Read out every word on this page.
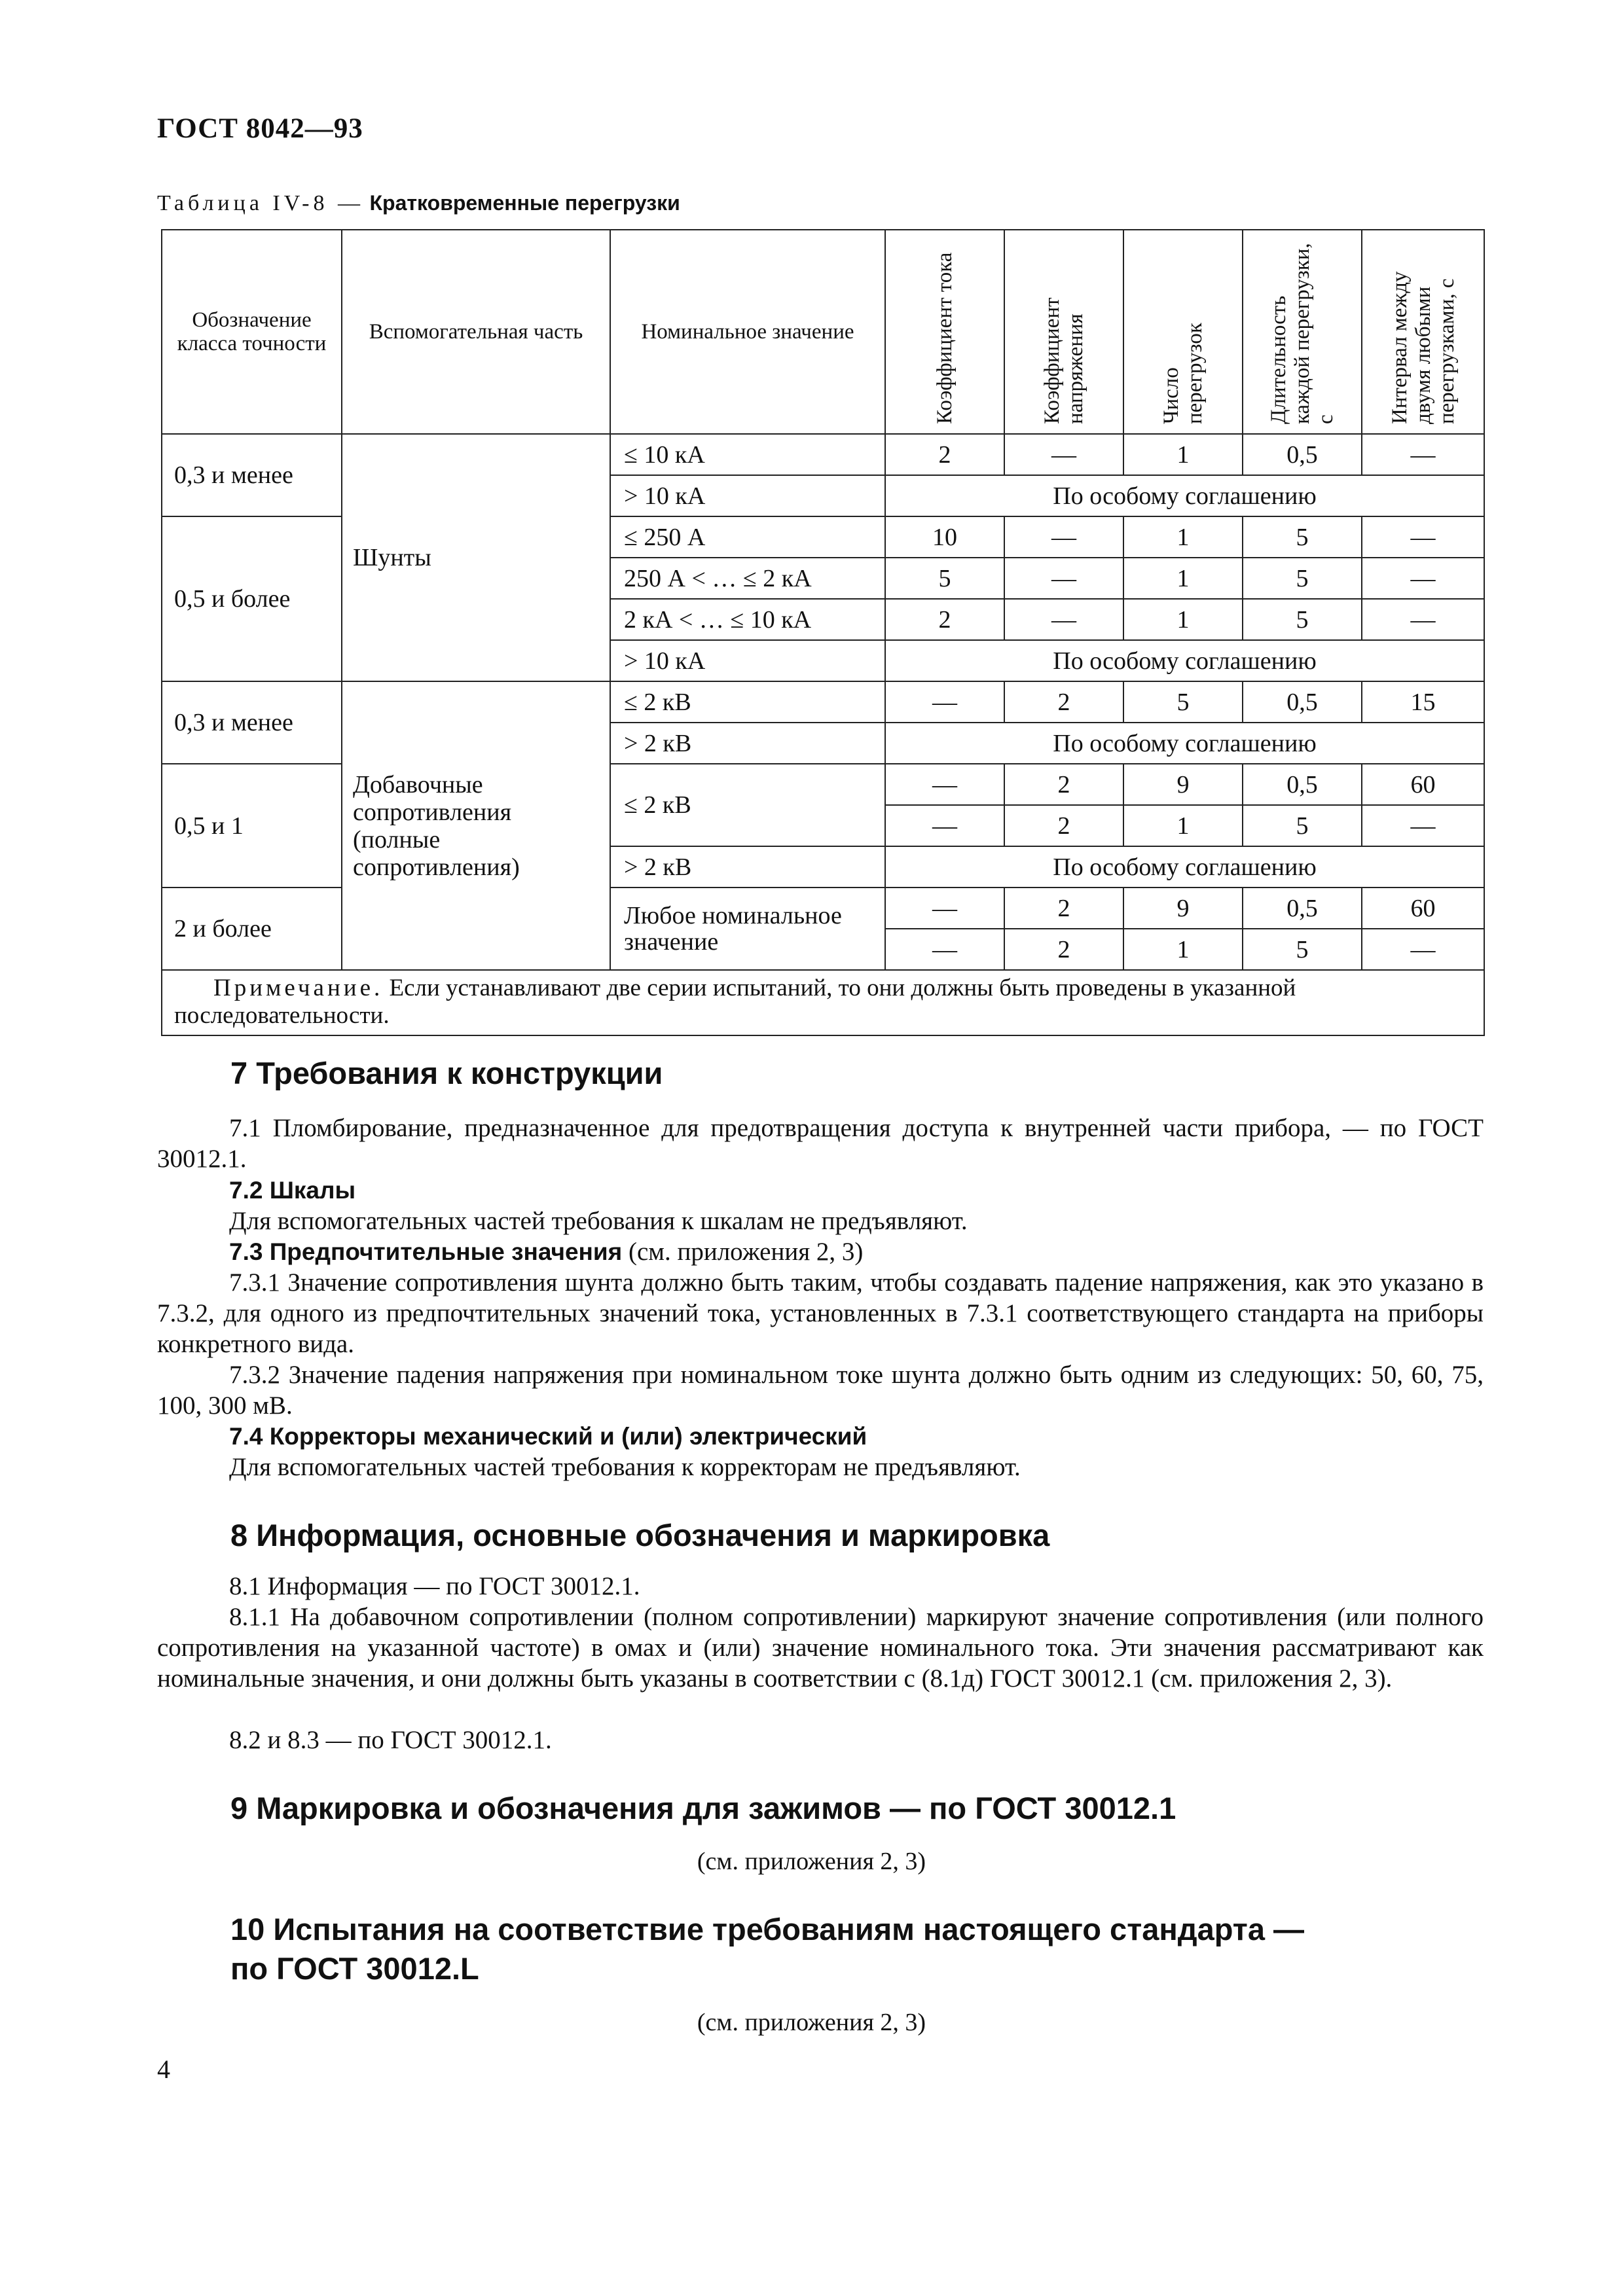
ГОСТ 8042—93
Таблица IV-8 — Кратковременные перегрузки
Обозначение класса точности	Вспомогательная часть	Номинальное значение	Коэффициент тока	Коэффициент напряжения	Число перегрузок	Длительность каждой перегрузки, с	Интервал между двумя любыми перегрузками, с

0,3 и менее	Шунты	≤ 10 кА	2	—	1	0,5	—
		> 10 кА	По особому соглашению				
0,5 и более		≤ 250 А	10	—	1	5	—
		250 А < … ≤ 2 кА	5	—	1	5	—
		2 кА < … ≤ 10 кА	2	—	1	5	—
		> 10 кА	По особому соглашению				
0,3 и менее	Добавочные сопротивления (полные сопротивления)	≤ 2 кВ	—	2	5	0,5	15
		> 2 кВ	По особому соглашению				
0,5 и 1		≤ 2 кВ	—	2	9	0,5	60
			—	2	1	5	—
		> 2 кВ	По особому соглашению				
2 и более		Любое номинальное значение	—	2	9	0,5	60
			—	2	1	5	—
Примечание. Если устанавливают две серии испытаний, то они должны быть проведены в указанной последовательности.							
7 Требования к конструкции
7.1 Пломбирование, предназначенное для предотвращения доступа к внутренней части прибора, — по ГОСТ 30012.1.
7.2 Шкалы
Для вспомогательных частей требования к шкалам не предъявляют.
7.3 Предпочтительные значения (см. приложения 2, 3)
7.3.1 Значение сопротивления шунта должно быть таким, чтобы создавать падение напряжения, как это указано в 7.3.2, для одного из предпочтительных значений тока, установленных в 7.3.1 соответствующего стандарта на приборы конкретного вида.
7.3.2 Значение падения напряжения при номинальном токе шунта должно быть одним из следующих: 50, 60, 75, 100, 300 мВ.
7.4 Корректоры механический и (или) электрический
Для вспомогательных частей требования к корректорам не предъявляют.
8 Информация, основные обозначения и маркировка
8.1 Информация — по ГОСТ 30012.1.
8.1.1 На добавочном сопротивлении (полном сопротивлении) маркируют значение сопротивления (или полного сопротивления на указанной частоте) в омах и (или) значение номинального тока. Эти значения рассматривают как номинальные значения, и они должны быть указаны в соответствии с (8.1д) ГОСТ 30012.1 (см. приложения 2, 3).
8.2 и 8.3 — по ГОСТ 30012.1.
9 Маркировка и обозначения для зажимов — по ГОСТ 30012.1
(см. приложения 2, 3)
10 Испытания на соответствие требованиям настоящего стандарта —
по ГОСТ 30012.L
(см. приложения 2, 3)
4
